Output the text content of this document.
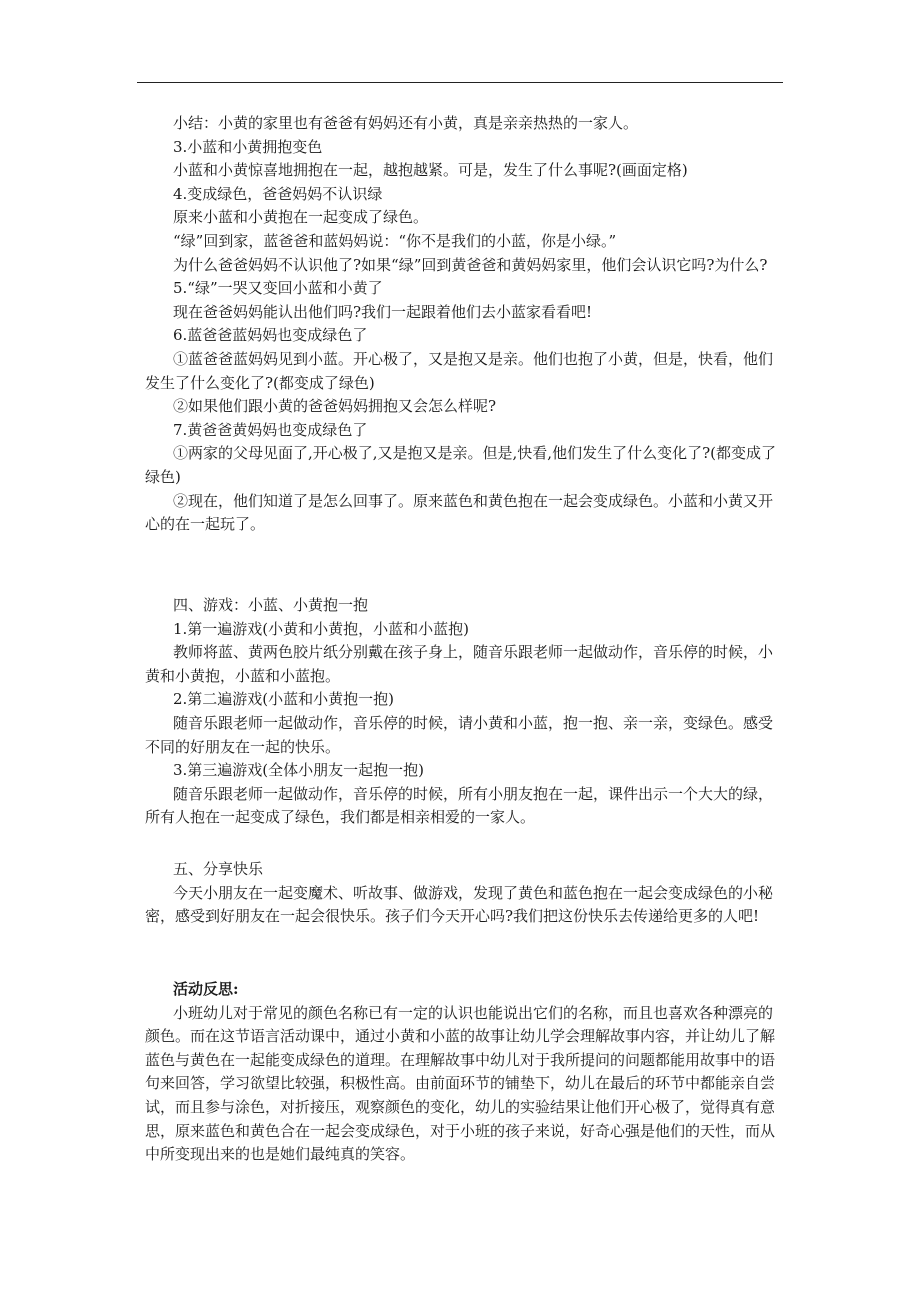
小结：小黄的家里也有爸爸有妈妈还有小黄，真是亲亲热热的一家人。
3.小蓝和小黄拥抱变色
小蓝和小黄惊喜地拥抱在一起，越抱越紧。可是，发生了什么事呢?(画面定格)
4.变成绿色，爸爸妈妈不认识绿
原来小蓝和小黄抱在一起变成了绿色。
“绿”回到家，蓝爸爸和蓝妈妈说：“你不是我们的小蓝，你是小绿。”
为什么爸爸妈妈不认识他了?如果“绿”回到黄爸爸和黄妈妈家里，他们会认识它吗?为什么?
5.“绿”一哭又变回小蓝和小黄了
现在爸爸妈妈能认出他们吗?我们一起跟着他们去小蓝家看看吧!
6.蓝爸爸蓝妈妈也变成绿色了
①蓝爸爸蓝妈妈见到小蓝。开心极了，又是抱又是亲。他们也抱了小黄，但是，快看，他们发生了什么变化了?(都变成了绿色)
②如果他们跟小黄的爸爸妈妈拥抱又会怎么样呢?
7.黄爸爸黄妈妈也变成绿色了
①两家的父母见面了,开心极了,又是抱又是亲。但是,快看,他们发生了什么变化了?(都变成了绿色)
②现在，他们知道了是怎么回事了。原来蓝色和黄色抱在一起会变成绿色。小蓝和小黄又开心的在一起玩了。
四、游戏：小蓝、小黄抱一抱
1.第一遍游戏(小黄和小黄抱，小蓝和小蓝抱)
教师将蓝、黄两色胶片纸分别戴在孩子身上，随音乐跟老师一起做动作，音乐停的时候，小黄和小黄抱，小蓝和小蓝抱。
2.第二遍游戏(小蓝和小黄抱一抱)
随音乐跟老师一起做动作，音乐停的时候，请小黄和小蓝，抱一抱、亲一亲，变绿色。感受不同的好朋友在一起的快乐。
3.第三遍游戏(全体小朋友一起抱一抱)
随音乐跟老师一起做动作，音乐停的时候，所有小朋友抱在一起，课件出示一个大大的绿，所有人抱在一起变成了绿色，我们都是相亲相爱的一家人。
五、分享快乐
今天小朋友在一起变魔术、听故事、做游戏，发现了黄色和蓝色抱在一起会变成绿色的小秘密，感受到好朋友在一起会很快乐。孩子们今天开心吗?我们把这份快乐去传递给更多的人吧!
活动反思:
小班幼儿对于常见的颜色名称已有一定的认识也能说出它们的名称，而且也喜欢各种漂亮的颜色。而在这节语言活动课中，通过小黄和小蓝的故事让幼儿学会理解故事内容，并让幼儿了解蓝色与黄色在一起能变成绿色的道理。在理解故事中幼儿对于我所提问的问题都能用故事中的语句来回答，学习欲望比较强，积极性高。由前面环节的铺垫下，幼儿在最后的环节中都能亲自尝试，而且参与涂色，对折接压，观察颜色的变化，幼儿的实验结果让他们开心极了，觉得真有意思，原来蓝色和黄色合在一起会变成绿色，对于小班的孩子来说，好奇心强是他们的天性，而从中所变现出来的也是她们最纯真的笑容。
